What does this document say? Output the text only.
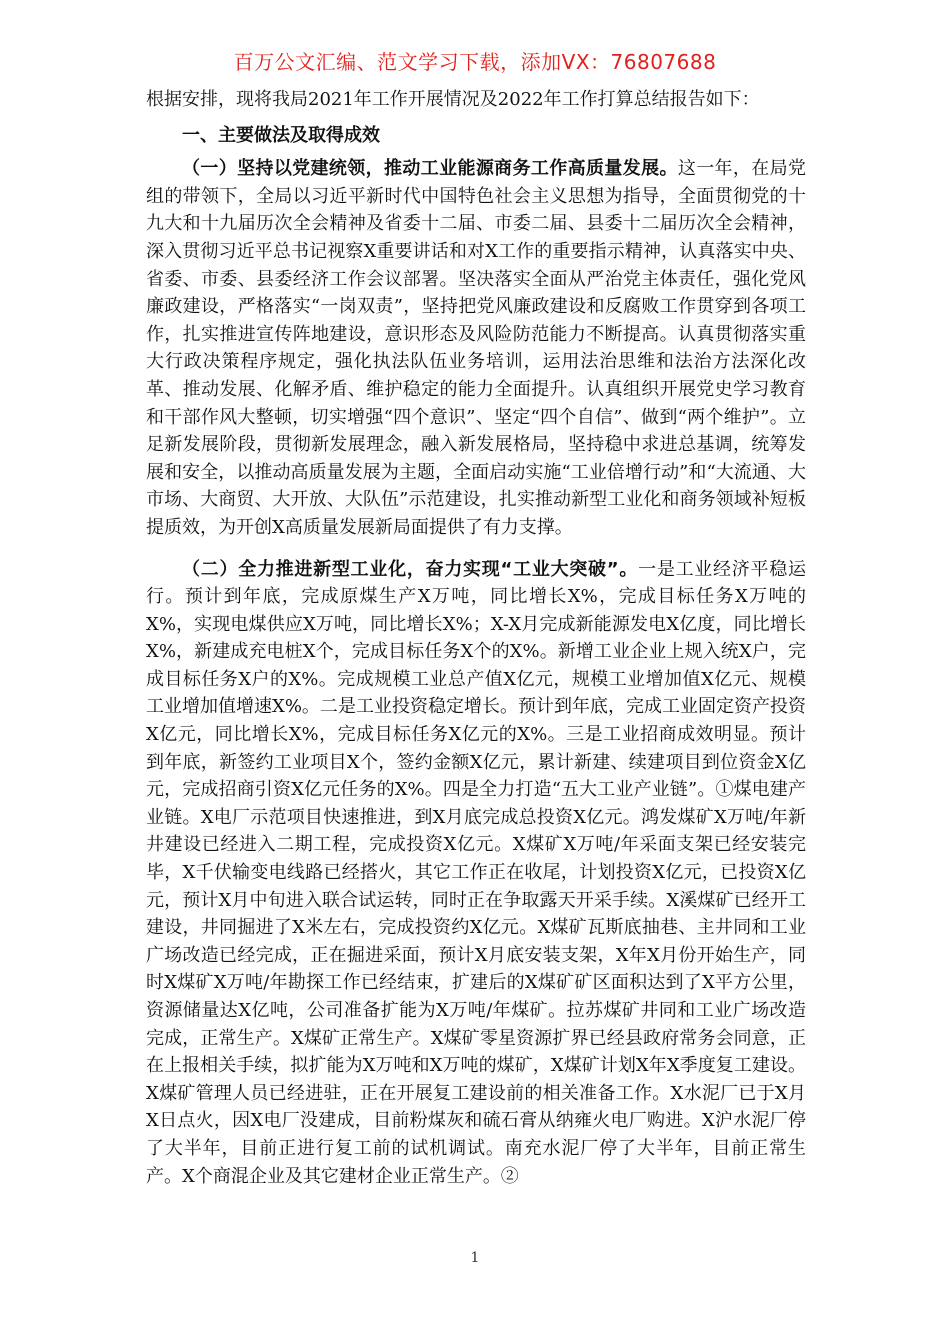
百万公文汇编、范文学习下载，添加VX：76807688

根据安排，现将我局2021年工作开展情况及2022年工作打算总结报告如下：

一、主要做法及取得成效

（一）坚持以党建统领，推动工业能源商务工作高质量发展。这一年，在局党组的带领下，全局以习近平新时代中国特色社会主义思想为指导，全面贯彻党的十九大和十九届历次全会精神及省委十二届、市委二届、县委十二届历次全会精神，深入贯彻习近平总书记视察X重要讲话和对X工作的重要指示精神，认真落实中央、省委、市委、县委经济工作会议部署。坚决落实全面从严治党主体责任，强化党风廉政建设，严格落实“一岗双责”，坚持把党风廉政建设和反腐败工作贯穿到各项工作，扎实推进宣传阵地建设，意识形态及风险防范能力不断提高。认真贯彻落实重大行政决策程序规定，强化执法队伍业务培训，运用法治思维和法治方法深化改革、推动发展、化解矛盾、维护稳定的能力全面提升。认真组织开展党史学习教育和干部作风大整顿，切实增强“四个意识”、坚定“四个自信”、做到“两个维护”。立足新发展阶段，贯彻新发展理念，融入新发展格局，坚持稳中求进总基调，统筹发展和安全，以推动高质量发展为主题，全面启动实施“工业倍增行动”和“大流通、大市场、大商贸、大开放、大队伍”示范建设，扎实推动新型工业化和商务领域补短板提质效，为开创X高质量发展新局面提供了有力支撑。

（二）全力推进新型工业化，奋力实现“工业大突破”。一是工业经济平稳运行。预计到年底，完成原煤生产X万吨，同比增长X%，完成目标任务X万吨的X%，实现电煤供应X万吨，同比增长X%；X-X月完成新能源发电X亿度，同比增长X%，新建成充电桩X个，完成目标任务X个的X%。新增工业企业上规入统X户，完成目标任务X户的X%。完成规模工业总产值X亿元，规模工业增加值X亿元、规模工业增加值增速X%。二是工业投资稳定增长。预计到年底，完成工业固定资产投资X亿元，同比增长X%，完成目标任务X亿元的X%。三是工业招商成效明显。预计到年底，新签约工业项目X个，签约金额X亿元，累计新建、续建项目到位资金X亿元，完成招商引资X亿元任务的X%。四是全力打造“五大工业产业链”。①煤电建产业链。X电厂示范项目快速推进，到X月底完成总投资X亿元。鸿发煤矿X万吨/年新井建设已经进入二期工程，完成投资X亿元。X煤矿X万吨/年采面支架已经安装完毕，X千伏输变电线路已经搭火，其它工作正在收尾，计划投资X亿元，已投资X亿元，预计X月中旬进入联合试运转，同时正在争取露天开采手续。X溪煤矿已经开工建设，井同掘进了X米左右，完成投资约X亿元。X煤矿瓦斯底抽巷、主井同和工业广场改造已经完成，正在掘进采面，预计X月底安装支架，X年X月份开始生产，同时X煤矿X万吨/年勘探工作已经结束，扩建后的X煤矿矿区面积达到了X平方公里，资源储量达X亿吨，公司准备扩能为X万吨/年煤矿。拉苏煤矿井同和工业广场改造完成，正常生产。X煤矿正常生产。X煤矿零星资源扩界已经县政府常务会同意，正在上报相关手续，拟扩能为X万吨和X万吨的煤矿，X煤矿计划X年X季度复工建设。X煤矿管理人员已经进驻，正在开展复工建设前的相关准备工作。X水泥厂已于X月X日点火，因X电厂没建成，目前粉煤灰和硫石膏从纳雍火电厂购进。X沪水泥厂停了大半年，目前正进行复工前的试机调试。南充水泥厂停了大半年，目前正常生产。X个商混企业及其它建材企业正常生产。②

1
